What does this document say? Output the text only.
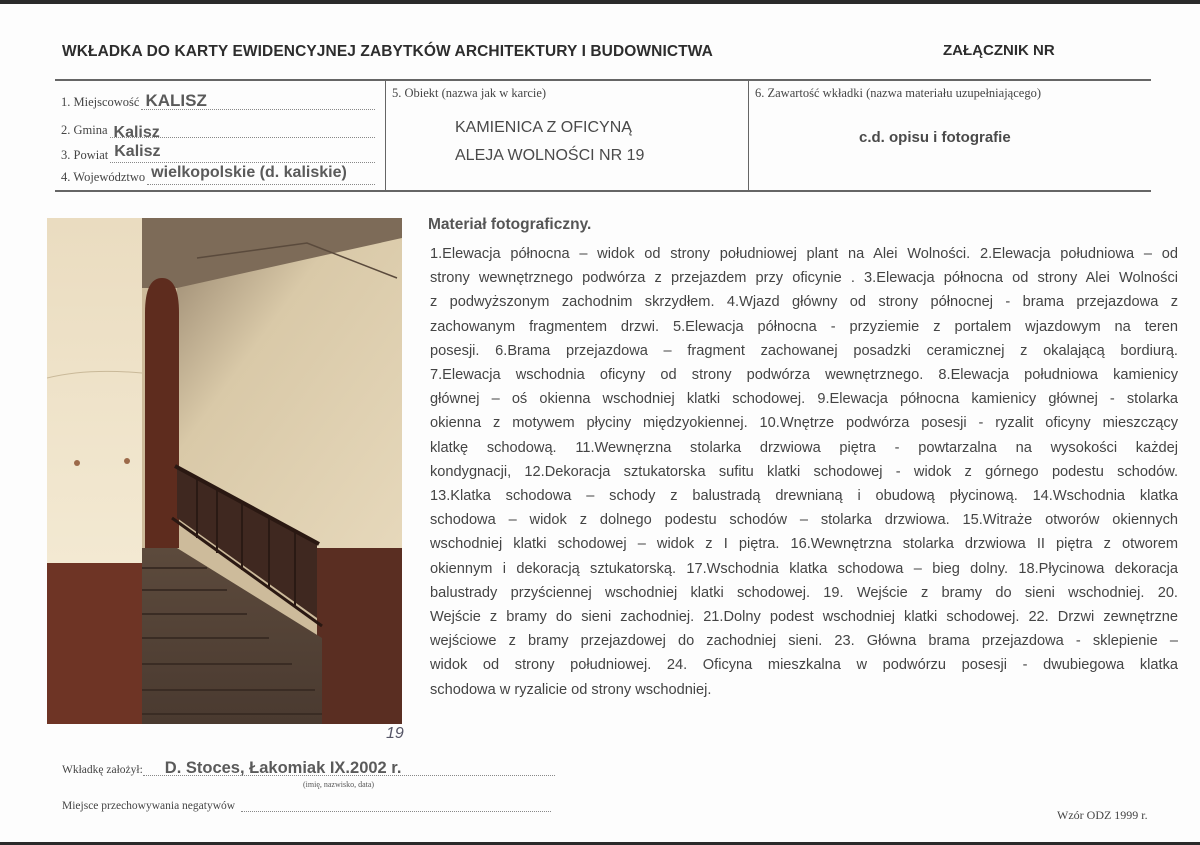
WKŁADKA DO KARTY EWIDENCYJNEJ ZABYTKÓW ARCHITEKTURY I BUDOWNICTWA	ZAŁĄCZNIK NR
1. Miejscowość KALISZ
2. Gmina Kalisz
3. Powiat Kalisz
4. Województwo wielkopolskie (d. kaliskie)
5. Obiekt (nazwa jak w karcie)
KAMIENICA Z OFICYNĄ
ALEJA WOLNOŚCI NR 19
6. Zawartość wkładki (nazwa materiału uzupełniającego)
c.d. opisu i fotografie
19
Materiał fotograficzny.
1.Elewacja północna – widok od strony południowej plant na Alei Wolności. 2.Elewacja południowa – od
strony wewnętrznego podwórza z przejazdem przy oficynie . 3.Elewacja północna od strony Alei Wolności
z podwyższonym zachodnim skrzydłem. 4.Wjazd główny od strony północnej - brama przejazdowa z
zachowanym fragmentem drzwi. 5.Elewacja północna - przyziemie z portalem wjazdowym na teren
posesji. 6.Brama przejazdowa – fragment zachowanej posadzki ceramicznej z okalającą bordiurą.
7.Elewacja wschodnia oficyny od strony podwórza wewnętrznego. 8.Elewacja południowa kamienicy
głównej – oś okienna wschodniej klatki schodowej. 9.Elewacja północna kamienicy głównej - stolarka
okienna z motywem płyciny międzyokiennej. 10.Wnętrze podwórza posesji - ryzalit oficyny mieszczący
klatkę schodową. 11.Wewnęrzna stolarka drzwiowa piętra - powtarzalna na wysokości każdej
kondygnacji, 12.Dekoracja sztukatorska sufitu klatki schodowej - widok z górnego podestu schodów.
13.Klatka schodowa – schody z balustradą drewnianą i obudową płycinową. 14.Wschodnia klatka
schodowa – widok z dolnego podestu schodów – stolarka drzwiowa. 15.Witraże otworów okiennych
wschodniej klatki schodowej – widok z I piętra. 16.Wewnętrzna stolarka drzwiowa II piętra z otworem
okiennym i dekoracją sztukatorską. 17.Wschodnia klatka schodowa – bieg dolny. 18.Płycinowa dekoracja
balustrady przyściennej wschodniej klatki schodowej. 19. Wejście z bramy do sieni wschodniej. 20.
Wejście z bramy do sieni zachodniej. 21.Dolny podest wschodniej klatki schodowej. 22. Drzwi zewnętrzne
wejściowe z bramy przejazdowej do zachodniej sieni. 23. Główna brama przejazdowa - sklepienie –
widok od strony południowej. 24. Oficyna mieszkalna w podwórzu posesji - dwubiegowa klatka
schodowa w ryzalicie od strony wschodniej.
Wkładkę założył: D. Stoces, Łakomiak IX.2002 r.
(imię, nazwisko, data)
Miejsce przechowywania negatywów
Wzór ODZ 1999 r.
